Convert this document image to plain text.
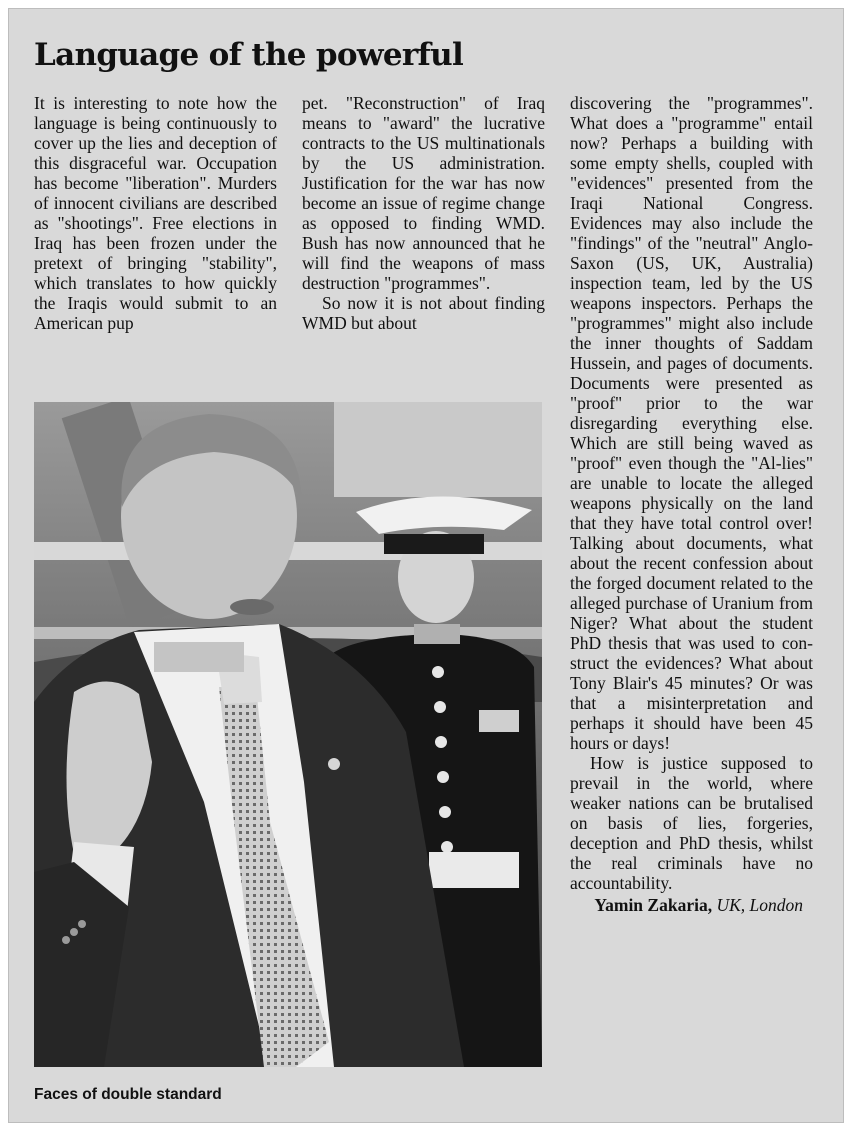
Language of the powerful

It is interesting to note how the language is being continuously to cover up the lies and deception of this disgraceful war. Occupation has become "liberation". Murders of innocent civilians are described as "shootings". Free elections in Iraq has been frozen under the pretext of bringing "stability", which translates to how quickly the Iraqis would submit to an American pup

pet. "Reconstruction" of Iraq means to "award" the lucrative contracts to the US multinationals by the US administration. Justification for the war has now become an issue of regime change as opposed to finding WMD. Bush has now announced that he will find the weapons of mass destruction "programmes".

So now it is not about finding WMD but about

discovering the "programmes". What does a "programme" entail now? Perhaps a building with some empty shells, coupled with "evidences" presented from the Iraqi National Congress. Evidences may also include the "findings" of the "neutral" Anglo-Saxon (US, UK, Australia) inspection team, led by the US weapons inspectors. Perhaps the "programmes" might also include the inner thoughts of Saddam Hussein, and pages of documents. Documents were presented as "proof" prior to the war disregarding everything else. Which are still being waved as "proof" even though the "Al-lies" are unable to locate the alleged weapons physically on the land that they have total control over! Talking about documents, what about the recent confession about the forged document related to the alleged purchase of Uranium from Niger? What about the student PhD thesis that was used to construct the evidences? What about Tony Blair's 45 minutes? Or was that a misinterpretation and perhaps it should have been 45 hours or days!

How is justice supposed to prevail in the world, where weaker nations can be brutalised on basis of lies, forgeries, deception and PhD thesis, whilst the real criminals have no accountability.

Yamin Zakaria, UK, London

Faces of double standard
